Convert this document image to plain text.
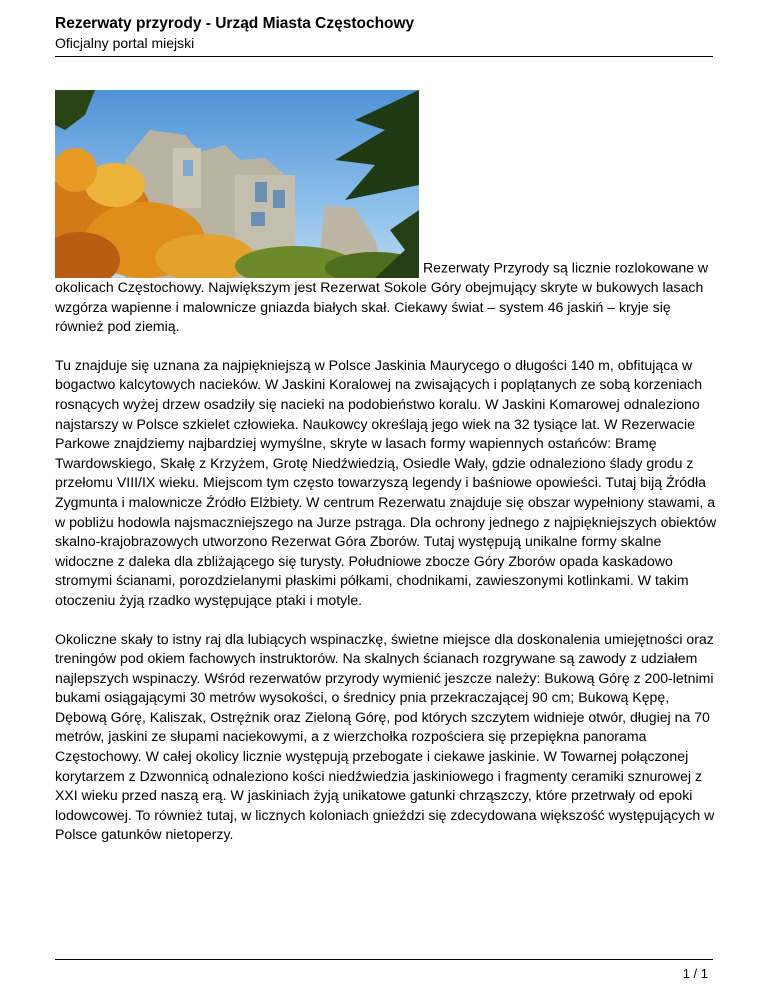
Rezerwaty przyrody - Urząd Miasta Częstochowy

Oficjalny portal miejski

Rezerwaty Przyrody są licznie rozlokowane w okolicach Częstochowy. Największym jest Rezerwat Sokole Góry obejmujący skryte w bukowych lasach wzgórza wapienne i malownicze gniazda białych skał. Ciekawy świat – system 46 jaskiń – kryje się również pod ziemią.

Tu znajduje się uznana za najpiękniejszą w Polsce Jaskinia Maurycego o długości 140 m, obfitująca w bogactwo kalcytowych nacieków. W Jaskini Koralowej na zwisających i poplątanych ze sobą korzeniach rosnących wyżej drzew osadziły się nacieki na podobieństwo koralu. W Jaskini Komarowej odnaleziono najstarszy w Polsce szkielet człowieka. Naukowcy określają jego wiek na 32 tysiące lat. W Rezerwacie Parkowe znajdziemy najbardziej wymyślne, skryte w lasach formy wapiennych ostańców: Bramę Twardowskiego, Skałę z Krzyżem, Grotę Niedźwiedzią, Osiedle Wały, gdzie odnaleziono ślady grodu z przełomu VIII/IX wieku. Miejscom tym często towarzyszą legendy i baśniowe opowieści. Tutaj biją Źródła Zygmunta i malownicze Źródło Elżbiety. W centrum Rezerwatu znajduje się obszar wypełniony stawami, a w pobliżu hodowla najsmaczniejszego na Jurze pstrąga. Dla ochrony jednego z najpiękniejszych obiektów skalno-krajobrazowych utworzono Rezerwat Góra Zborów. Tutaj występują unikalne formy skalne widoczne z daleka dla zbliżającego się turysty. Południowe zbocze Góry Zborów opada kaskadowo stromymi ścianami, porozdzielanymi płaskimi półkami, chodnikami, zawieszonymi kotlinkami. W takim otoczeniu żyją rzadko występujące ptaki i motyle.

Okoliczne skały to istny raj dla lubiących wspinaczkę, świetne miejsce dla doskonalenia umiejętności oraz treningów pod okiem fachowych instruktorów. Na skalnych ścianach rozgrywane są zawody z udziałem najlepszych wspinaczy. Wśród rezerwatów przyrody wymienić jeszcze należy: Bukową Górę z 200-letnimi bukami osiągającymi 30 metrów wysokości, o średnicy pnia przekraczającej 90 cm; Bukową Kępę, Dębową Górę, Kaliszak, Ostrężnik oraz Zieloną Górę, pod których szczytem widnieje otwór, długiej na 70 metrów, jaskini ze słupami naciekowymi, a z wierzchołka rozpościera się przepiękna panorama Częstochowy. W całej okolicy licznie występują przebogate i ciekawe jaskinie. W Towarnej połączonej korytarzem z Dzwonnicą odnaleziono kości niedźwiedzia jaskiniowego i fragmenty ceramiki sznurowej z XXI wieku przed naszą erą. W jaskiniach żyją unikatowe gatunki chrząszczy, które przetrwały od epoki lodowcowej. To również tutaj, w licznych koloniach gnieździ się zdecydowana większość występujących w Polsce gatunków nietoperzy.

1 / 1
